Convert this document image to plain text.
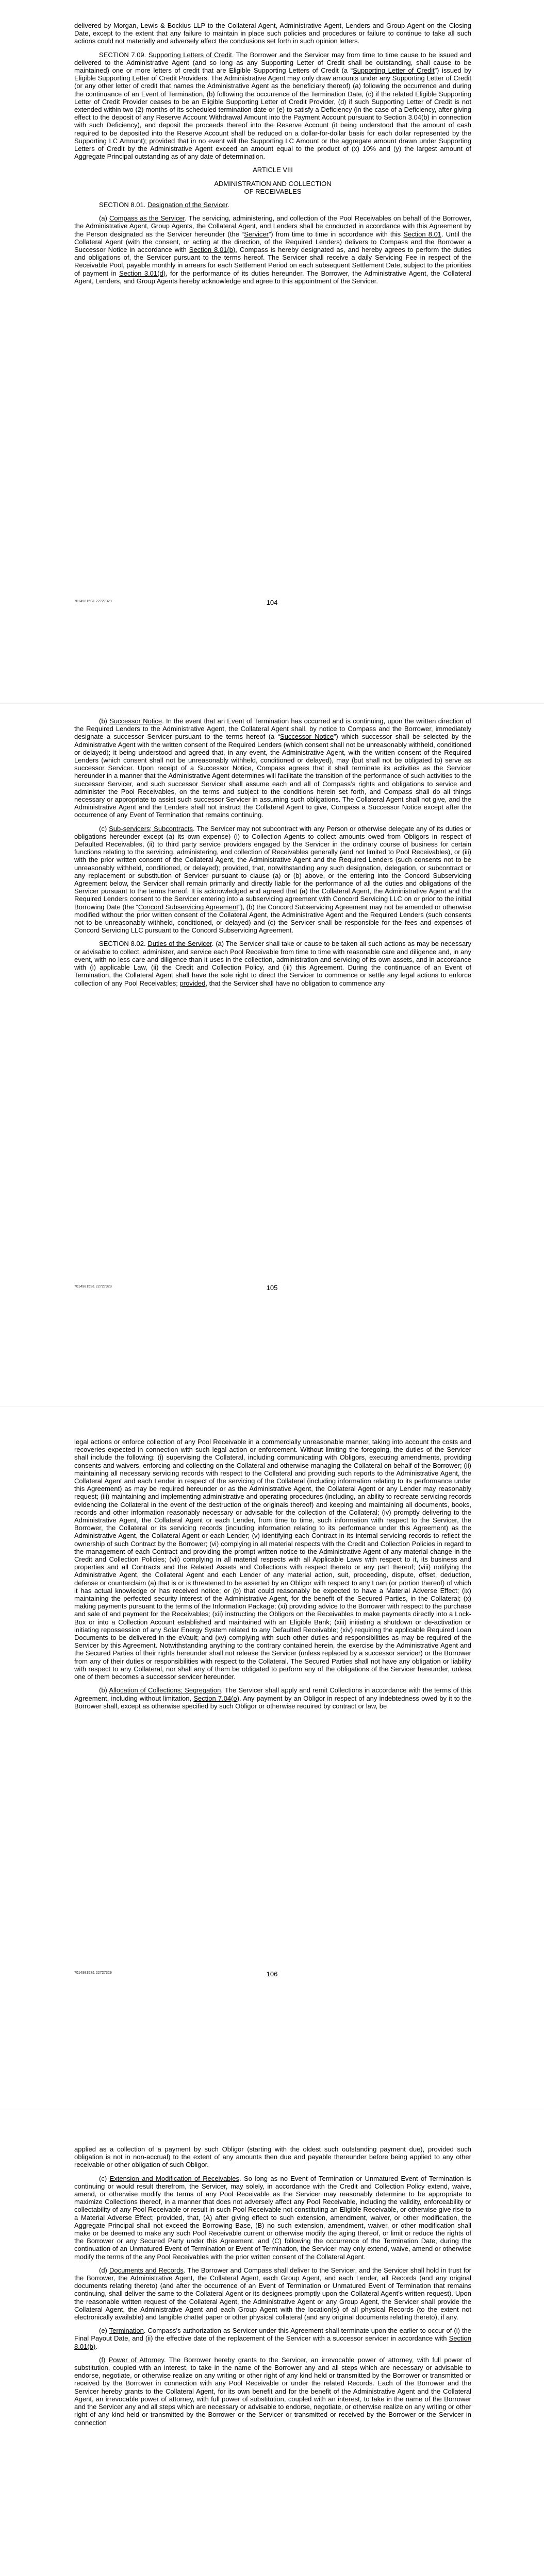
delivered by Morgan, Lewis & Bockius LLP to the Collateral Agent, Administrative Agent, Lenders and Group Agent on the Closing Date, except to the extent that any failure to maintain in place such policies and procedures or failure to continue to take all such actions could not materially and adversely affect the conclusions set forth in such opinion letters.

SECTION 7.09. Supporting Letters of Credit. The Borrower and the Servicer may from time to time cause to be issued and delivered to the Administrative Agent (and so long as any Supporting Letter of Credit shall be outstanding, shall cause to be maintained) one or more letters of credit that are Eligible Supporting Letters of Credit (a “Supporting Letter of Credit”) issued by Eligible Supporting Letter of Credit Providers. The Administrative Agent may only draw amounts under any Supporting Letter of Credit (or any other letter of credit that names the Administrative Agent as the beneficiary thereof) (a) following the occurrence and during the continuance of an Event of Termination, (b) following the occurrence of the Termination Date, (c) if the related Eligible Supporting Letter of Credit Provider ceases to be an Eligible Supporting Letter of Credit Provider, (d) if such Supporting Letter of Credit is not extended within two (2) months of its scheduled termination date or (e) to satisfy a Deficiency (in the case of a Deficiency, after giving effect to the deposit of any Reserve Account Withdrawal Amount into the Payment Account pursuant to Section 3.04(b) in connection with such Deficiency), and deposit the proceeds thereof into the Reserve Account (it being understood that the amount of cash required to be deposited into the Reserve Account shall be reduced on a dollar-for-dollar basis for each dollar represented by the Supporting LC Amount); provided that in no event will the Supporting LC Amount or the aggregate amount drawn under Supporting Letters of Credit by the Administrative Agent exceed an amount equal to the product of (x) 10% and (y) the largest amount of Aggregate Principal outstanding as of any date of determination.

ARTICLE VIII

ADMINISTRATION AND COLLECTION
OF RECEIVABLES

SECTION 8.01. Designation of the Servicer.

(a) Compass as the Servicer. The servicing, administering, and collection of the Pool Receivables on behalf of the Borrower, the Administrative Agent, Group Agents, the Collateral Agent, and Lenders shall be conducted in accordance with this Agreement by the Person designated as the Servicer hereunder (the “Servicer”) from time to time in accordance with this Section 8.01. Until the Collateral Agent (with the consent, or acting at the direction, of the Required Lenders) delivers to Compass and the Borrower a Successor Notice in accordance with Section 8.01(b), Compass is hereby designated as, and hereby agrees to perform the duties and obligations of, the Servicer pursuant to the terms hereof. The Servicer shall receive a daily Servicing Fee in respect of the Receivable Pool, payable monthly in arrears for each Settlement Period on each subsequent Settlement Date, subject to the priorities of payment in Section 3.01(d), for the performance of its duties hereunder. The Borrower, the Administrative Agent, the Collateral Agent, Lenders, and Group Agents hereby acknowledge and agree to this appointment of the Servicer.

70149815S1 22727329	104

(b) Successor Notice. In the event that an Event of Termination has occurred and is continuing, upon the written direction of the Required Lenders to the Administrative Agent, the Collateral Agent shall, by notice to Compass and the Borrower, immediately designate a successor Servicer pursuant to the terms hereof (a “Successor Notice”) which successor shall be selected by the Administrative Agent with the written consent of the Required Lenders (which consent shall not be unreasonably withheld, conditioned or delayed); it being understood and agreed that, in any event, the Administrative Agent, with the written consent of the Required Lenders (which consent shall not be unreasonably withheld, conditioned or delayed), may (but shall not be obligated to) serve as successor Servicer. Upon receipt of a Successor Notice, Compass agrees that it shall terminate its activities as the Servicer hereunder in a manner that the Administrative Agent determines will facilitate the transition of the performance of such activities to the successor Servicer, and such successor Servicer shall assume each and all of Compass’s rights and obligations to service and administer the Pool Receivables, on the terms and subject to the conditions herein set forth, and Compass shall do all things necessary or appropriate to assist such successor Servicer in assuming such obligations. The Collateral Agent shall not give, and the Administrative Agent and the Lenders shall not instruct the Collateral Agent to give, Compass a Successor Notice except after the occurrence of any Event of Termination that remains continuing.

(c) Sub-servicers; Subcontracts. The Servicer may not subcontract with any Person or otherwise delegate any of its duties or obligations hereunder except (a) its own expense) (i) to Collection Agents to collect amounts owed from Obligors in respect of Defaulted Receivables, (ii) to third party service providers engaged by the Servicer in the ordinary course of business for certain functions relating to the servicing, administering, and collection of Receivables generally (and not limited to Pool Receivables), or (iii) with the prior written consent of the Collateral Agent, the Administrative Agent and the Required Lenders (such consents not to be unreasonably withheld, conditioned, or delayed); provided, that, notwithstanding any such designation, delegation, or subcontract or any replacement or substitution of Servicer pursuant to clause (a) or (b) above, or the entering into the Concord Subservicing Agreement below, the Servicer shall remain primarily and directly liable for the performance of all the duties and obligations of the Servicer pursuant to the terms hereof. It is acknowledged and agreed that (a) the Collateral Agent, the Administrative Agent and the Required Lenders consent to the Servicer entering into a subservicing agreement with Concord Servicing LLC on or prior to the initial Borrowing Date (the “Concord Subservicing Agreement”), (b) the Concord Subservicing Agreement may not be amended or otherwise modified without the prior written consent of the Collateral Agent, the Administrative Agent and the Required Lenders (such consents not to be unreasonably withheld, conditioned, or delayed) and (c) the Servicer shall be responsible for the fees and expenses of Concord Servicing LLC pursuant to the Concord Subservicing Agreement.

SECTION 8.02. Duties of the Servicer. (a) The Servicer shall take or cause to be taken all such actions as may be necessary or advisable to collect, administer, and service each Pool Receivable from time to time with reasonable care and diligence and, in any event, with no less care and diligence than it uses in the collection, administration and servicing of its own assets, and in accordance with (i) applicable Law, (ii) the Credit and Collection Policy, and (iii) this Agreement. During the continuance of an Event of Termination, the Collateral Agent shall have the sole right to direct the Servicer to commence or settle any legal actions to enforce collection of any Pool Receivables; provided, that the Servicer shall have no obligation to commence any

70149815S1 22727329	105

legal actions or enforce collection of any Pool Receivable in a commercially unreasonable manner, taking into account the costs and recoveries expected in connection with such legal action or enforcement. Without limiting the foregoing, the duties of the Servicer shall include the following: (i) supervising the Collateral, including communicating with Obligors, executing amendments, providing consents and waivers, enforcing and collecting on the Collateral and otherwise managing the Collateral on behalf of the Borrower; (ii) maintaining all necessary servicing records with respect to the Collateral and providing such reports to the Administrative Agent, the Collateral Agent and each Lender in respect of the servicing of the Collateral (including information relating to its performance under this Agreement) as may be required hereunder or as the Administrative Agent, the Collateral Agent or any Lender may reasonably request; (iii) maintaining and implementing administrative and operating procedures (including, an ability to recreate servicing records evidencing the Collateral in the event of the destruction of the originals thereof) and keeping and maintaining all documents, books, records and other information reasonably necessary or advisable for the collection of the Collateral; (iv) promptly delivering to the Administrative Agent, the Collateral Agent or each Lender, from time to time, such information with respect to the Servicer, the Borrower, the Collateral or its servicing records (including information relating to its performance under this Agreement) as the Administrative Agent, the Collateral Agent or each Lender; (v) identifying each Contract in its internal servicing records to reflect the ownership of such Contract by the Borrower; (vi) complying in all material respects with the Credit and Collection Policies in regard to the management of each Contract and providing the prompt written notice to the Administrative Agent of any material change in the Credit and Collection Policies; (vii) complying in all material respects with all Applicable Laws with respect to it, its business and properties and all Contracts and the Related Assets and Collections with respect thereto or any part thereof; (viii) notifying the Administrative Agent, the Collateral Agent and each Lender of any material action, suit, proceeding, dispute, offset, deduction, defense or counterclaim (a) that is or is threatened to be asserted by an Obligor with respect to any Loan (or portion thereof) of which it has actual knowledge or has received notice; or (b) that could reasonably be expected to have a Material Adverse Effect; (ix) maintaining the perfected security interest of the Administrative Agent, for the benefit of the Secured Parties, in the Collateral; (x) making payments pursuant to the terms of the Information Package; (xi) providing advice to the Borrower with respect to the purchase and sale of and payment for the Receivables; (xii) instructing the Obligors on the Receivables to make payments directly into a Lock-Box or into a Collection Account established and maintained with an Eligible Bank; (xiii) initiating a shutdown or de-activation or initiating repossession of any Solar Energy System related to any Defaulted Receivable; (xiv) requiring the applicable Required Loan Documents to be delivered in the eVault; and (xv) complying with such other duties and responsibilities as may be required of the Servicer by this Agreement. Notwithstanding anything to the contrary contained herein, the exercise by the Administrative Agent and the Secured Parties of their rights hereunder shall not release the Servicer (unless replaced by a successor servicer) or the Borrower from any of their duties or responsibilities with respect to the Collateral. The Secured Parties shall not have any obligation or liability with respect to any Collateral, nor shall any of them be obligated to perform any of the obligations of the Servicer hereunder, unless one of them becomes a successor servicer hereunder.

(b) Allocation of Collections; Segregation. The Servicer shall apply and remit Collections in accordance with the terms of this Agreement, including without limitation, Section 7.04(o). Any payment by an Obligor in respect of any indebtedness owed by it to the Borrower shall, except as otherwise specified by such Obligor or otherwise required by contract or law, be

70149815S1 22727329	106

applied as a collection of a payment by such Obligor (starting with the oldest such outstanding payment due), provided such obligation is not in non-accrual) to the extent of any amounts then due and payable thereunder before being applied to any other receivable or other obligation of such Obligor.

(c) Extension and Modification of Receivables. So long as no Event of Termination or Unmatured Event of Termination is continuing or would result therefrom, the Servicer, may solely, in accordance with the Credit and Collection Policy extend, waive, amend, or otherwise modify the terms of any Pool Receivable as the Servicer may reasonably determine to be appropriate to maximize Collections thereof, in a manner that does not adversely affect any Pool Receivable, including the validity, enforceability or collectability of any Pool Receivable or result in such Pool Receivable not constituting an Eligible Receivable, or otherwise give rise to a Material Adverse Effect; provided, that, (A) after giving effect to such extension, amendment, waiver, or other modification, the Aggregate Principal shall not exceed the Borrowing Base, (B) no such extension, amendment, waiver, or other modification shall make or be deemed to make any such Pool Receivable current or otherwise modify the aging thereof, or limit or reduce the rights of the Borrower or any Secured Party under this Agreement, and (C) following the occurrence of the Termination Date, during the continuation of an Unmatured Event of Termination or Event of Termination, the Servicer may only extend, waive, amend or otherwise modify the terms of the any Pool Receivables with the prior written consent of the Collateral Agent.

(d) Documents and Records. The Borrower and Compass shall deliver to the Servicer, and the Servicer shall hold in trust for the Borrower, the Administrative Agent, the Collateral Agent, each Group Agent, and each Lender, all Records (and any original documents relating thereto) (and after the occurrence of an Event of Termination or Unmatured Event of Termination that remains continuing, shall deliver the same to the Collateral Agent or its designees promptly upon the Collateral Agent’s written request). Upon the reasonable written request of the Collateral Agent, the Administrative Agent or any Group Agent, the Servicer shall provide the Collateral Agent, the Administrative Agent and each Group Agent with the location(s) of all physical Records (to the extent not electronically available) and tangible chattel paper or other physical collateral (and any original documents relating thereto), if any.

(e) Termination. Compass’s authorization as Servicer under this Agreement shall terminate upon the earlier to occur of (i) the Final Payout Date, and (ii) the effective date of the replacement of the Servicer with a successor servicer in accordance with Section 8.01(b).

(f) Power of Attorney. The Borrower hereby grants to the Servicer, an irrevocable power of attorney, with full power of substitution, coupled with an interest, to take in the name of the Borrower any and all steps which are necessary or advisable to endorse, negotiate, or otherwise realize on any writing or other right of any kind held or transmitted by the Borrower or transmitted or received by the Borrower in connection with any Pool Receivable or under the related Records. Each of the Borrower and the Servicer hereby grants to the Collateral Agent, for its own benefit and for the benefit of the Administrative Agent and the Collateral Agent, an irrevocable power of attorney, with full power of substitution, coupled with an interest, to take in the name of the Borrower and the Servicer any and all steps which are necessary or advisable to endorse, negotiate, or otherwise realize on any writing or other right of any kind held or transmitted by the Borrower or the Servicer or transmitted or received by the Borrower or the Servicer in connection
